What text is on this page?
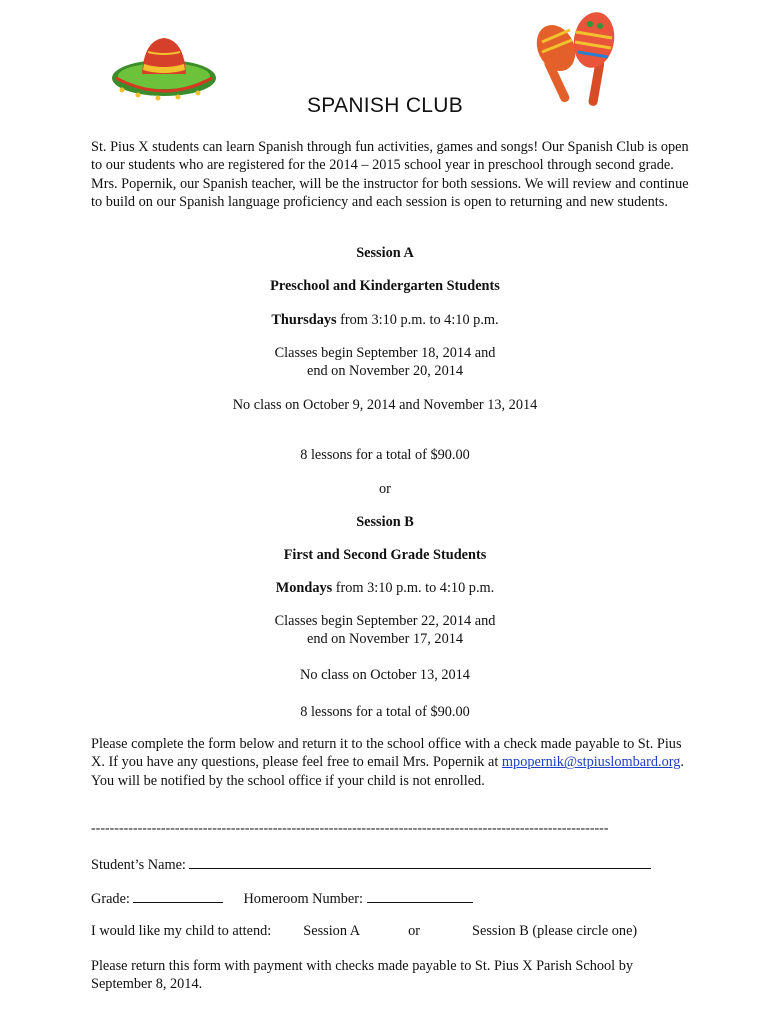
SPANISH CLUB

St. Pius X students can learn Spanish through fun activities, games and songs! Our Spanish Club is open to our students who are registered for the 2014 – 2015 school year in preschool through second grade. Mrs. Popernik, our Spanish teacher, will be the instructor for both sessions. We will review and continue to build on our Spanish language proficiency and each session is open to returning and new students.

Session A
Preschool and Kindergarten Students
Thursdays from 3:10 p.m. to 4:10 p.m.
Classes begin September 18, 2014 and
end on November 20, 2014
No class on October 9, 2014 and November 13, 2014
8 lessons for a total of $90.00
or
Session B
First and Second Grade Students
Mondays from 3:10 p.m. to 4:10 p.m.
Classes begin September 22, 2014 and
end on November 17, 2014
No class on October 13, 2014
8 lessons for a total of $90.00

Please complete the form below and return it to the school office with a check made payable to St. Pius X. If you have any questions, please feel free to email Mrs. Popernik at mpopernik@stpiuslombard.org. You will be notified by the school office if your child is not enrolled.

---------------------------------------------------------------------------------------------------------------
Student’s Name:
Grade:	Homeroom Number:
I would like my child to attend: Session A	or	Session B (please circle one)

Please return this form with payment with checks made payable to St. Pius X Parish School by September 8, 2014.
